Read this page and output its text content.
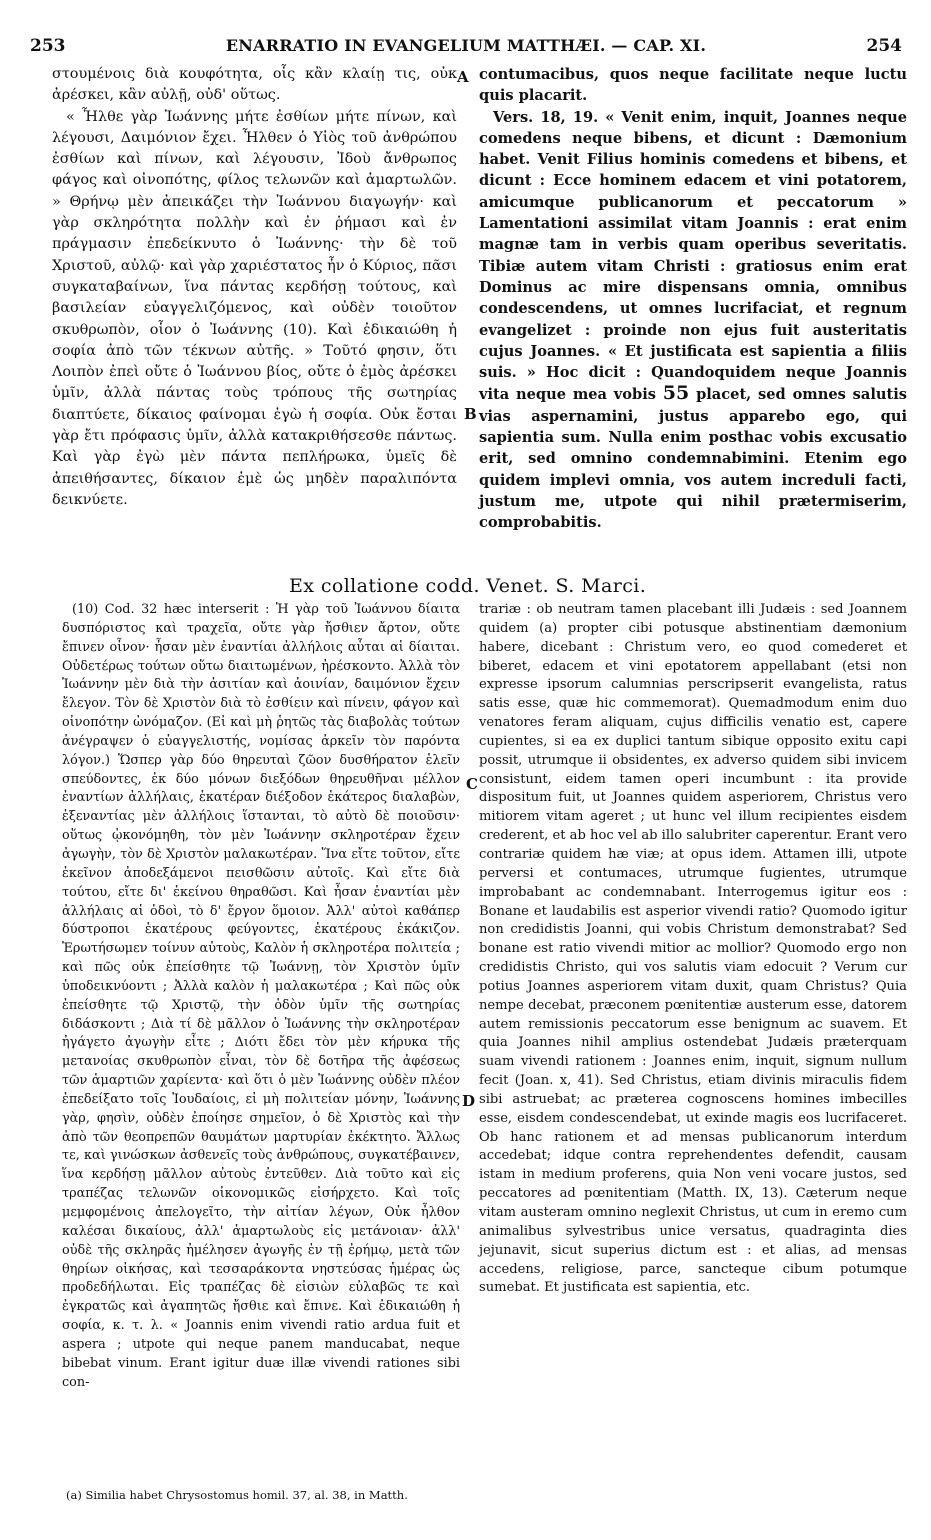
253	ENARRATIO IN EVANGELIUM MATTHÆI. — CAP. XI.	254

στουμένοις διὰ κουφότητα, οἷς κἂν κλαίῃ τις, οὐκ ἀρέσκει, κἂν αὐλῇ, οὐδ' οὕτως.

« Ἦλθε γὰρ Ἰωάννης μήτε ἐσθίων μήτε πίνων, καὶ λέγουσι, Δαιμόνιον ἔχει. Ἦλθεν ὁ Υἱὸς τοῦ ἀνθρώπου ἐσθίων καὶ πίνων, καὶ λέγουσιν, Ἰδοὺ ἄνθρωπος φάγος καὶ οἰνοπότης, φίλος τελωνῶν καὶ ἁμαρτωλῶν. » Θρήνῳ μὲν ἀπεικάζει τὴν Ἰωάννου διαγωγήν· καὶ γὰρ σκληρότητα πολλὴν καὶ ἐν ῥήμασι καὶ ἐν πράγμασιν ἐπεδείκνυτο ὁ Ἰωάννης· τὴν δὲ τοῦ Χριστοῦ, αὐλῷ· καὶ γὰρ χαριέστατος ἦν ὁ Κύριος, πᾶσι συγκαταβαίνων, ἵνα πάντας κερδήσῃ τούτους, καὶ βασιλείαν εὐαγγελιζόμενος, καὶ οὐδὲν τοιοῦτον σκυθρωπὸν, οἷον ὁ Ἰωάννης (10). Καὶ ἐδικαιώθη ἡ σοφία ἀπὸ τῶν τέκνων αὐτῆς. » Τοῦτό φησιν, ὅτι Λοιπὸν ἐπεὶ οὔτε ὁ Ἰωάννου βίος, οὔτε ὁ ἐμὸς ἀρέσκει ὑμῖν, ἀλλὰ πάντας τοὺς τρόπους τῆς σωτηρίας διαπτύετε, δίκαιος φαίνομαι ἐγὼ ἡ σοφία. Οὐκ ἔσται γὰρ ἔτι πρόφασις ὑμῖν, ἀλλὰ κατακριθήσεσθε πάντως. Καὶ γὰρ ἐγὼ μὲν πάντα πεπλήρωκα, ὑμεῖς δὲ ἀπειθήσαντες, δίκαιον ἐμὲ ὡς μηδὲν παραλιπόντα δεικνύετε.

contumacibus, quos neque facilitate neque luctu quis placarit.

Vers. 18, 19. « Venit enim, inquit, Joannes neque comedens neque bibens, et dicunt : Dæmonium habet. Venit Filius hominis comedens et bibens, et dicunt : Ecce hominem edacem et vini potatorem, amicumque publicanorum et peccatorum » Lamentationi assimilat vitam Joannis : erat enim magnæ tam in verbis quam operibus severitatis. Tibiæ autem vitam Christi : gratiosus enim erat Dominus ac mire dispensans omnia, omnibus condescendens, ut omnes lucrifaciat, et regnum evangelizet : proinde non ejus fuit austeritatis cujus Joannes. « Et justificata est sapientia a filiis suis. » Hoc dicit : Quandoquidem neque Joannis vita neque mea vobis 55 placet, sed omnes salutis vias aspernamini, justus apparebo ego, qui sapientia sum. Nulla enim posthac vobis excusatio erit, sed omnino condemnabimini. Etenim ego quidem implevi omnia, vos autem increduli facti, justum me, utpote qui nihil prætermiserim, comprobabitis.

A
B
C
D
Ex collatione codd. Venet. S. Marci.

(10) Cod. 32 hæc interserit : Ἡ γὰρ τοῦ Ἰωάννου δίαιτα δυσπόριστος καὶ τραχεῖα, οὔτε γὰρ ἤσθιεν ἄρτον, οὔτε ἔπινεν οἶνον· ἦσαν μὲν ἐναντίαι ἀλλήλοις αὗται αἱ δίαιται. Οὐδετέρως τούτων οὕτω διαιτωμένων, ἠρέσκοντο. Ἀλλὰ τὸν Ἰωάννην μὲν διὰ τὴν ἀσιτίαν καὶ ἀοινίαν, δαιμόνιον ἔχειν ἔλεγον. Τὸν δὲ Χριστὸν διὰ τὸ ἐσθίειν καὶ πίνειν, φάγον καὶ οἰνοπότην ὠνόμαζον. (Εἰ καὶ μὴ ῥητῶς τὰς διαβολὰς τούτων ἀνέγραψεν ὁ εὐαγγελιστής, νομίσας ἀρκεῖν τὸν παρόντα λόγον.) Ὥσπερ γὰρ δύο θηρευταὶ ζῶον δυσθήρατον ἑλεῖν σπεύδοντες, ἐκ δύο μόνων διεξόδων θηρευθῆναι μέλλον ἐναντίων ἀλλήλαις, ἑκατέραν διέξοδον ἑκάτερος διαλαβὼν, ἐξεναντίας μὲν ἀλλήλοις ἵστανται, τὸ αὐτὸ δὲ ποιοῦσιν· οὕτως ᾠκονόμηθη, τὸν μὲν Ἰωάννην σκληροτέραν ἔχειν ἀγωγὴν, τὸν δὲ Χριστὸν μαλακωτέραν. Ἵνα εἴτε τοῦτον, εἴτε ἐκεῖνον ἀποδεξάμενοι πεισθῶσιν αὐτοῖς. Καὶ εἴτε διὰ τούτου, εἴτε δι' ἐκείνου θηραθῶσι. Καὶ ἦσαν ἐναντίαι μὲν ἀλλήλαις αἱ ὁδοὶ, τὸ δ' ἔργον ὅμοιον. Ἀλλ' αὐτοὶ καθάπερ δύστροποι ἑκατέρους φεύγοντες, ἑκατέρους ἐκάκιζον. Ἐρωτήσωμεν τοίνυν αὐτοὺς, Καλὸν ἡ σκληροτέρα πολιτεία ; καὶ πῶς οὐκ ἐπείσθητε τῷ Ἰωάννῃ, τὸν Χριστὸν ὑμῖν ὑποδεικνύοντι ; Ἀλλὰ καλὸν ἡ μαλακωτέρα ; Καὶ πῶς οὐκ ἐπείσθητε τῷ Χριστῷ, τὴν ὁδὸν ὑμῖν τῆς σωτηρίας διδάσκοντι ; Διὰ τί δὲ μᾶλλον ὁ Ἰωάννης τὴν σκληροτέραν ἠγάγετο ἀγωγὴν εἶτε ; Διότι ἔδει τὸν μὲν κήρυκα τῆς μετανοίας σκυθρωπὸν εἶναι, τὸν δὲ δοτῆρα τῆς ἀφέσεως τῶν ἁμαρτιῶν χαρίεντα· καὶ ὅτι ὁ μὲν Ἰωάννης οὐδὲν πλέον ἐπεδείξατο τοῖς Ἰουδαίοις, εἰ μὴ πολιτείαν μόνην, Ἰωάννης γὰρ, φησὶν, οὐδὲν ἐποίησε σημεῖον, ὁ δὲ Χριστὸς καὶ τὴν ἀπὸ τῶν θεοπρεπῶν θαυμάτων μαρτυρίαν ἐκέκτητο. Ἄλλως τε, καὶ γινώσκων ἀσθενεῖς τοὺς ἀνθρώπους, συγκατέβαινεν, ἵνα κερδήσῃ μᾶλλον αὐτοὺς ἐντεῦθεν. Διὰ τοῦτο καὶ εἰς τραπέζας τελωνῶν οἰκονομικῶς εἰσήρχετο. Καὶ τοῖς μεμφομένοις ἀπελογεῖτο, τὴν αἰτίαν λέγων, Οὐκ ἦλθον καλέσαι δικαίους, ἀλλ' ἁμαρτωλοὺς εἰς μετάνοιαν· ἀλλ' οὐδὲ τῆς σκληρᾶς ἠμέλησεν ἀγωγῆς ἐν τῇ ἐρήμῳ, μετὰ τῶν θηρίων οἰκήσας, καὶ τεσσαράκοντα νηστεύσας ἡμέρας ὡς προδεδήλωται. Εἰς τραπέζας δὲ εἰσιὼν εὐλαβῶς τε καὶ ἐγκρατῶς καὶ ἀγαπητῶς ἤσθιε καὶ ἔπινε. Καὶ ἐδικαιώθη ἡ σοφία, κ. τ. λ. « Joannis enim vivendi ratio ardua fuit et aspera ; utpote qui neque panem manducabat, neque bibebat vinum. Erant igitur duæ illæ vivendi rationes sibi con-

trariæ : ob neutram tamen placebant illi Judæis : sed Joannem quidem (a) propter cibi potusque abstinentiam dæmonium habere, dicebant : Christum vero, eo quod comederet et biberet, edacem et vini epotatorem appellabant (etsi non expresse ipsorum calumnias perscripserit evangelista, ratus satis esse, quæ hic commemorat). Quemadmodum enim duo venatores feram aliquam, cujus difficilis venatio est, capere cupientes, si ea ex duplici tantum sibique opposito exitu capi possit, utrumque ii obsidentes, ex adverso quidem sibi invicem consistunt, eidem tamen operi incumbunt : ita provide dispositum fuit, ut Joannes quidem asperiorem, Christus vero mitiorem vitam ageret ; ut hunc vel illum recipientes eisdem crederent, et ab hoc vel ab illo salubriter caperentur. Erant vero contrariæ quidem hæ viæ; at opus idem. Attamen illi, utpote perversi et contumaces, utrumque fugientes, utrumque improbabant ac condemnabant. Interrogemus igitur eos : Bonane et laudabilis est asperior vivendi ratio? Quomodo igitur non credidistis Joanni, qui vobis Christum demonstrabat? Sed bonane est ratio vivendi mitior ac mollior? Quomodo ergo non credidistis Christo, qui vos salutis viam edocuit ? Verum cur potius Joannes asperiorem vitam duxit, quam Christus? Quia nempe decebat, præconem pœnitentiæ austerum esse, datorem autem remissionis peccatorum esse benignum ac suavem. Et quia Joannes nihil amplius ostendebat Judæis præterquam suam vivendi rationem : Joannes enim, inquit, signum nullum fecit (Joan. x, 41). Sed Christus, etiam divinis miraculis fidem sibi astruebat; ac præterea cognoscens homines imbecilles esse, eisdem condescendebat, ut exinde magis eos lucrifaceret. Ob hanc rationem et ad mensas publicanorum interdum accedebat; idque contra reprehendentes defendit, causam istam in medium proferens, quia Non veni vocare justos, sed peccatores ad pœnitentiam (Matth. IX, 13). Cæterum neque vitam austeram omnino neglexit Christus, ut cum in eremo cum animalibus sylvestribus unice versatus, quadraginta dies jejunavit, sicut superius dictum est : et alias, ad mensas accedens, religiose, parce, sancteque cibum potumque sumebat. Et justificata est sapientia, etc.

(a) Similia habet Chrysostomus homil. 37, al. 38, in Matth.
